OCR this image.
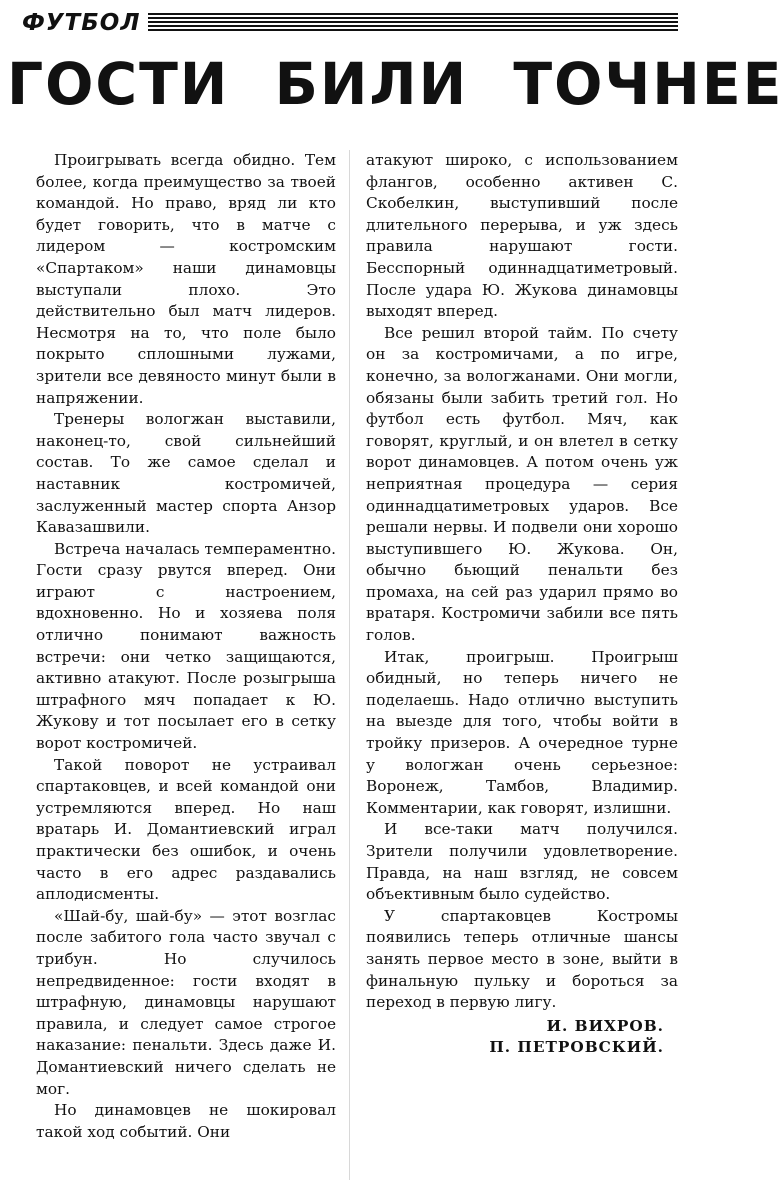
ФУТБОЛ
ГОСТИ БИЛИ ТОЧНЕЕ

Проигрывать всегда обидно. Тем более, когда преимущество за твоей командой. Но право, вряд ли кто будет говорить, что в матче с лидером — костромским «Спартаком» наши динамовцы выступали плохо. Это действительно был матч лидеров. Несмотря на то, что поле было покрыто сплошными лужами, зрители все девяносто минут были в напряжении.

Тренеры вологжан выставили, наконец-то, свой сильнейший состав. То же самое сделал и наставник костромичей, заслуженный мастер спорта Анзор Кавазашвили.

Встреча началась темпераментно. Гости сразу рвутся вперед. Они играют с настроением, вдохновенно. Но и хозяева поля отлично понимают важность встречи: они четко защищаются, активно атакуют. После розыгрыша штрафного мяч попадает к Ю. Жукову и тот посылает его в сетку ворот костромичей.

Такой поворот не устраивал спартаковцев, и всей командой они устремляются вперед. Но наш вратарь И. Домантиевский играл практически без ошибок, и очень часто в его адрес раздавались аплодисменты.

«Шай-бу, шай-бу» — этот возглас после забитого гола часто звучал с трибун. Но случилось непредвиденное: гости входят в штрафную, динамовцы нарушают правила, и следует самое строгое наказание: пенальти. Здесь даже И. Домантиевский ничего сделать не мог.

Но динамовцев не шокировал такой ход событий. Они

атакуют широко, с использованием флангов, особенно активен С. Скобелкин, выступивший после длительного перерыва, и уж здесь правила нарушают гости. Бесспорный одиннадцатиметровый. После удара Ю. Жукова динамовцы выходят вперед.

Все решил второй тайм. По счету он за костромичами, а по игре, конечно, за вологжанами. Они могли, обязаны были забить третий гол. Но футбол есть футбол. Мяч, как говорят, круглый, и он влетел в сетку ворот динамовцев. А потом очень уж неприятная процедура — серия одиннадцатиметровых ударов. Все решали нервы. И подвели они хорошо выступившего Ю. Жукова. Он, обычно бьющий пенальти без промаха, на сей раз ударил прямо во вратаря. Костромичи забили все пять голов.

Итак, проигрыш. Проигрыш обидный, но теперь ничего не поделаешь. Надо отлично выступить на выезде для того, чтобы войти в тройку призеров. А очередное турне у вологжан очень серьезное: Воронеж, Тамбов, Владимир. Комментарии, как говорят, излишни.

И все-таки матч получился. Зрители получили удовлетворение. Правда, на наш взгляд, не совсем объективным было судейство.

У спартаковцев Костромы появились теперь отличные шансы занять первое место в зоне, выйти в финальную пульку и бороться за переход в первую лигу.

И. ВИХРОВ.
П. ПЕТРОВСКИЙ.
